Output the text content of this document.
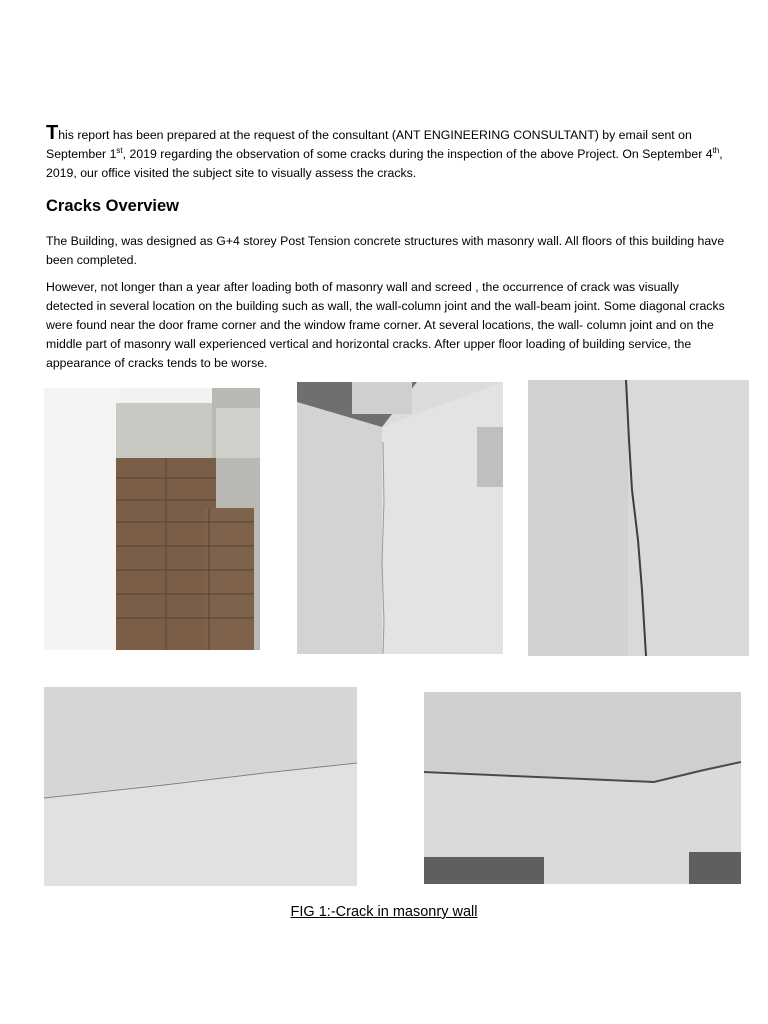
This report has been prepared at the request of the consultant (ANT ENGINEERING CONSULTANT) by email sent on September 1st, 2019 regarding the observation of some cracks during the inspection of the above Project. On September 4th, 2019, our office visited the subject site to visually assess the cracks.
Cracks Overview
The Building, was designed as G+4 storey Post Tension concrete structures with masonry wall. All floors of this building have been completed.
However, not longer than a year after loading both of masonry wall and screed , the occurrence of crack was visually detected in several location on the building such as wall, the wall-column joint and the wall-beam joint. Some diagonal cracks were found near the door frame corner and the window frame corner. At several locations, the wall- column joint and on the middle part of masonry wall experienced vertical and horizontal cracks. After upper floor loading of building service, the appearance of cracks tends to be worse.
FIG 1:-Crack in masonry wall
